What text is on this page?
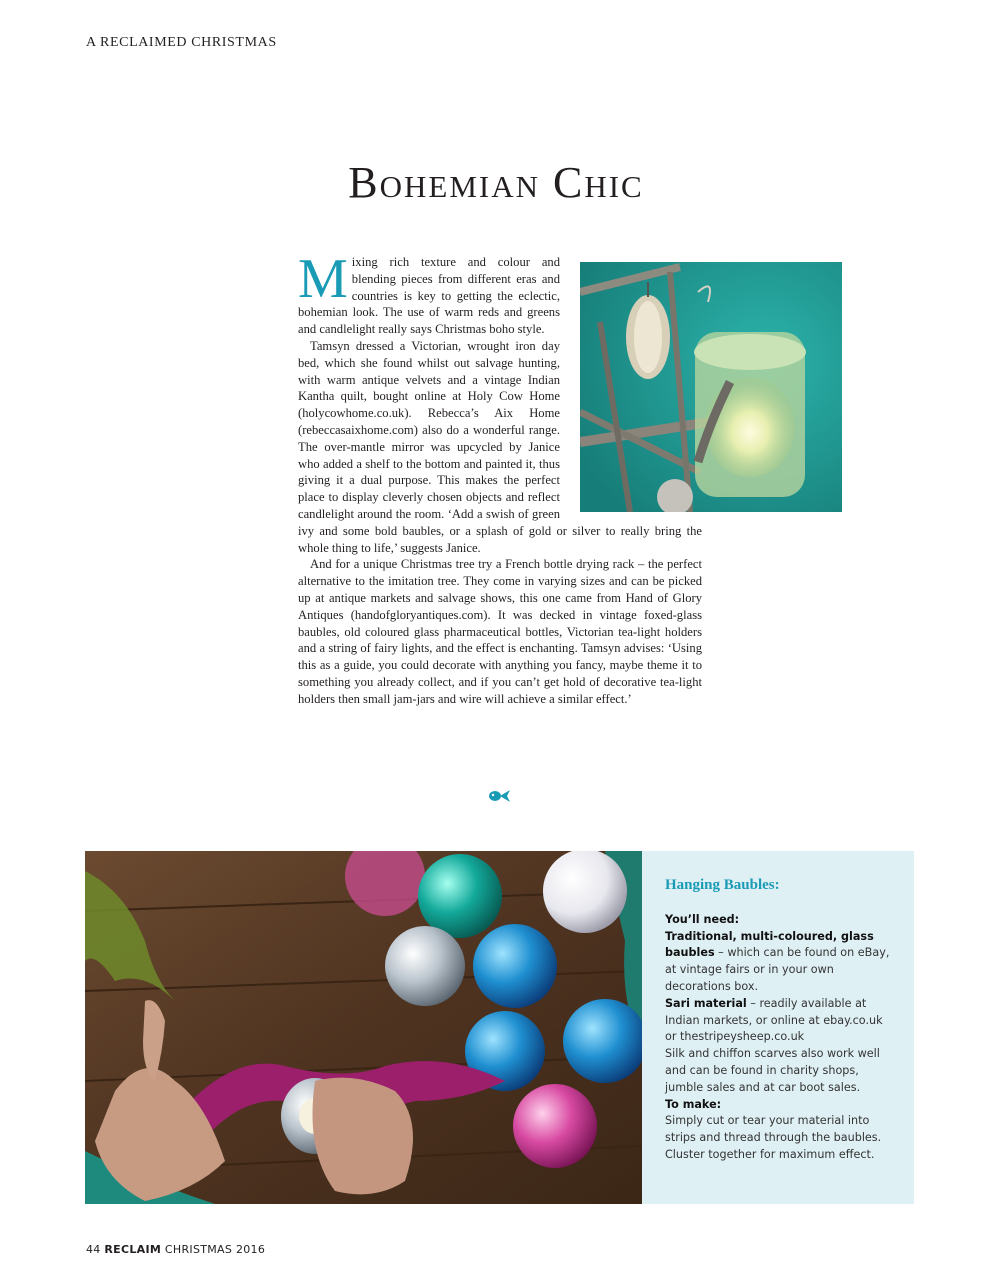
A RECLAIMED CHRISTMAS
Bohemian Chic

Mixing rich texture and colour and blending pieces from different eras and countries is key to getting the eclectic, bohemian look. The use of warm reds and greens and candlelight really says Christmas boho style.

Tamsyn dressed a Victorian, wrought iron day bed, which she found whilst out salvage hunting, with warm antique velvets and a vintage Indian Kantha quilt, bought online at Holy Cow Home (holycowhome.co.uk). Rebecca’s Aix Home (rebeccasaixhome.com) also do a wonderful range. The over-mantle mirror was upcycled by Janice who added a shelf to the bottom and painted it, thus giving it a dual purpose. This makes the perfect place to display cleverly chosen objects and reflect candlelight around the room. ‘Add a swish of green ivy and some bold baubles, or a splash of gold or silver to really bring the whole thing to life,’ suggests Janice.

And for a unique Christmas tree try a French bottle drying rack – the perfect alternative to the imitation tree. They come in varying sizes and can be picked up at antique markets and salvage shows, this one came from Hand of Glory Antiques (handofgloryantiques.com). It was decked in vintage foxed-glass baubles, old coloured glass pharmaceutical bottles, Victorian tea-light holders and a string of fairy lights, and the effect is enchanting. Tamsyn advises: ‘Using this as a guide, you could decorate with anything you fancy, maybe theme it to something you already collect, and if you can’t get hold of decorative tea-light holders then small jam-jars and wire will achieve a similar effect.’

Hanging Baubles:

You’ll need:

Traditional, multi-coloured, glass baubles – which can be found on eBay, at vintage fairs or in your own decorations box.

Sari material – readily available at Indian markets, or online at ebay.co.uk or thestripeysheep.co.uk

Silk and chiffon scarves also work well and can be found in charity shops, jumble sales and at car boot sales.

To make:

Simply cut or tear your material into strips and thread through the baubles. Cluster together for maximum effect.

44 RECLAIM CHRISTMAS 2016
